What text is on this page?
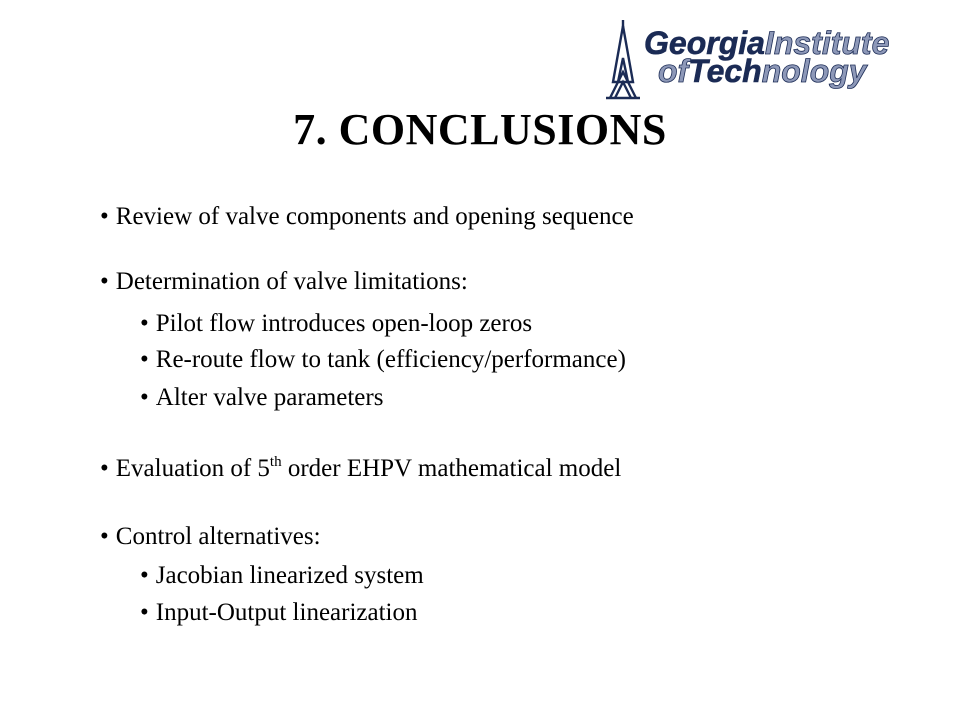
GeorgiaInstitute
ofTechnology
7. CONCLUSIONS
• Review of valve components and opening sequence
• Determination of valve limitations:
• Pilot flow introduces open-loop zeros
• Re-route flow to tank (efficiency/performance)
• Alter valve parameters
• Evaluation of 5th order EHPV mathematical model
• Control alternatives:
• Jacobian linearized system
• Input-Output linearization
